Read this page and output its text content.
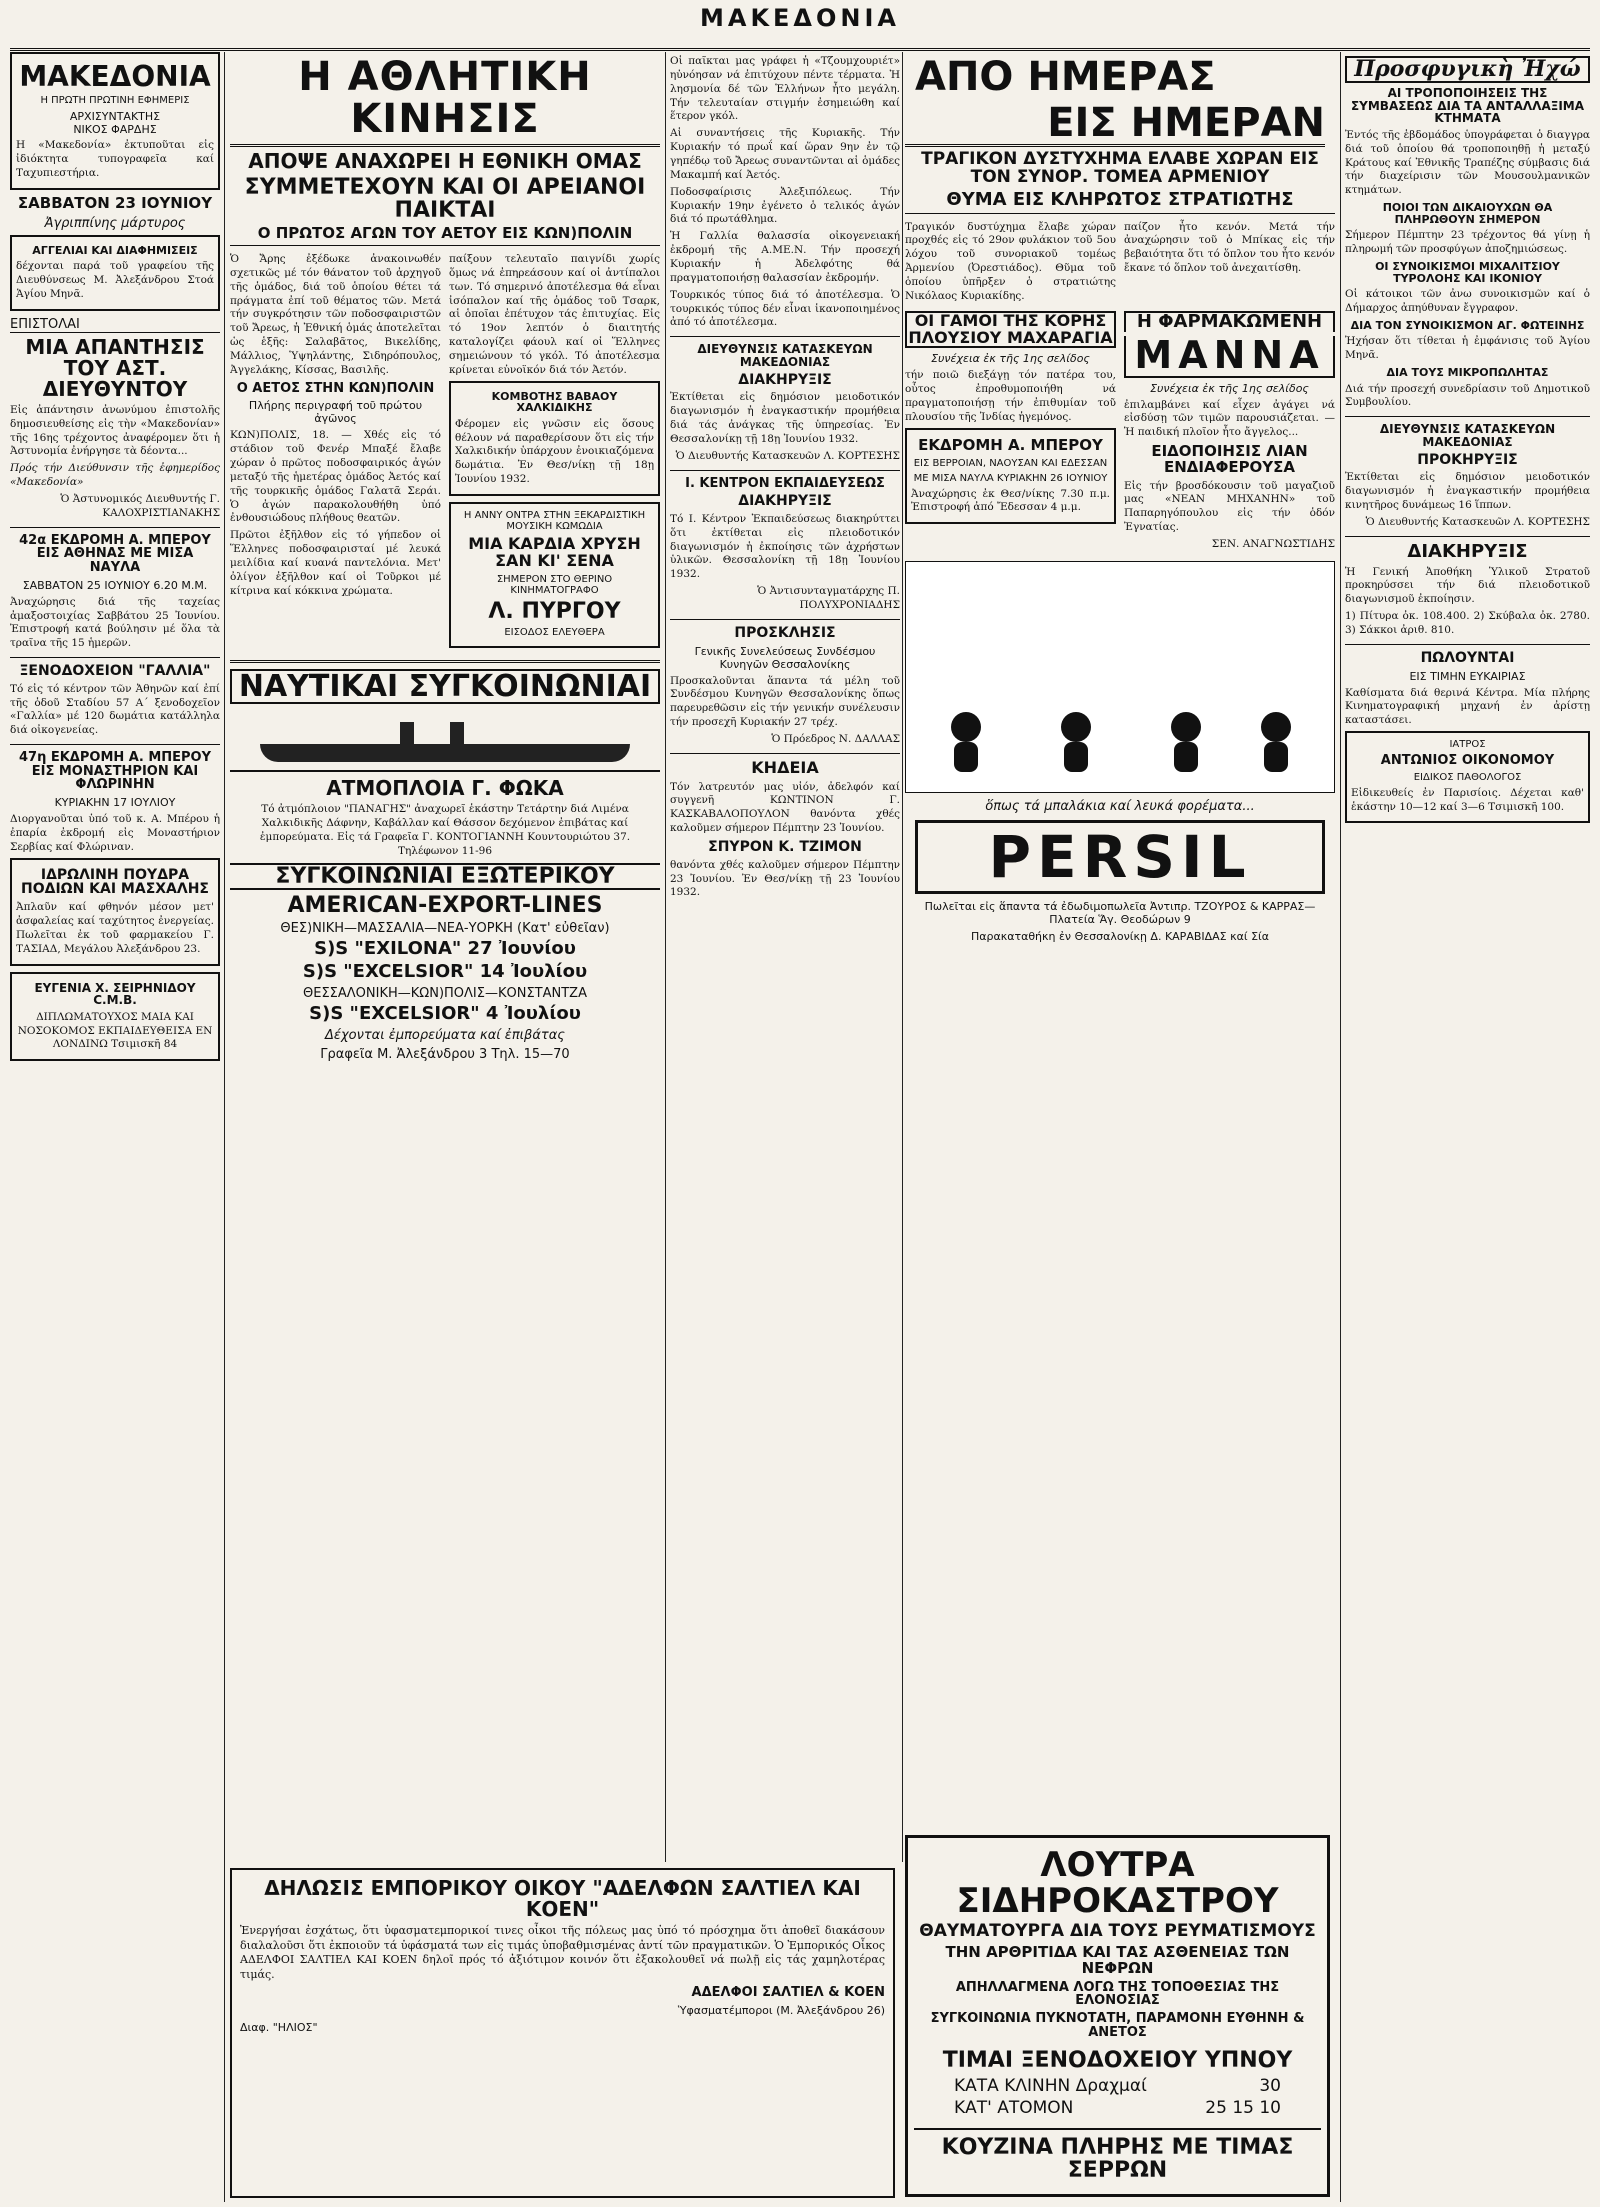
ΜΑΚΕΔΟΝΙΑ
ΜΑΚΕΔΟΝΙΑ
Η ΠΡΩΤΗ ΠΡΩΤΙΝΗ ΕΦΗΜΕΡΙΣ
ΑΡΧΙΣΥΝΤΑΚΤΗΣ
ΝΙΚΟΣ ΦΑΡΔΗΣ
Η «Μακεδονία» ἐκτυποῦται εἰς ἰδιόκτητα τυπογραφεῖα καί Ταχυπιεστήρια.
ΣΑΒΒΑΤΟΝ 23 ΙΟΥΝΙΟΥ
Ἀγριππίνης μάρτυρος
ΑΓΓΕΛΙΑΙ ΚΑΙ ΔΙΑΦΗΜΙΣΕΙΣ
δέχονται παρά τοῦ γραφείου τῆς Διευθύνσεως Μ. Ἀλεξάνδρου Στοά Ἁγίου Μηνᾶ.
ΕΠΙΣΤΟΛΑΙ
ΜΙΑ ΑΠΑΝΤΗΣΙΣ ΤΟΥ ΑΣΤ. ΔΙΕΥΘΥΝΤΟΥ
Εἰς ἀπάντησιν ἀνωνύμου ἐπιστολῆς δημοσιευθείσης εἰς τὴν «Μακεδονίαν» τῆς 16ης τρέχοντος ἀναφέρομεν ὅτι ἡ Ἀστυνομία ἐνήργησε τὰ δέοντα...
Πρός τήν Διεύθυνσιν τῆς ἐφημερίδος «Μακεδονία»
Ὁ Ἀστυνομικός Διευθυντής Γ. ΚΑΛΟΧΡΙΣΤΙΑΝΑΚΗΣ
42α ΕΚΔΡΟΜΗ Α. ΜΠΕΡΟΥ ΕΙΣ ΑΘΗΝΑΣ ΜΕ ΜΙΣΑ ΝΑΥΛΑ
ΣΑΒΒΑΤΟΝ 25 ΙΟΥΝΙΟΥ 6.20 Μ.Μ.
Ἀναχώρησις διά τῆς ταχείας ἀμαξοστοιχίας Σαββάτου 25 Ἰουνίου. Ἐπιστροφή κατά βούλησιν μέ ὅλα τὰ τραῖνα τῆς 15 ἡμερῶν.
ΞΕΝΟΔΟΧΕΙΟΝ "ΓΑΛΛΙΑ"
Τό εἰς τό κέντρον τῶν Ἀθηνῶν καί ἐπί τῆς ὁδοῦ Σταδίου 57 Α΄ ξενοδοχεῖον «Γαλλία» μέ 120 δωμάτια κατάλληλα διά οἰκογενείας.
47η ΕΚΔΡΟΜΗ Α. ΜΠΕΡΟΥ ΕΙΣ ΜΟΝΑΣΤΗΡΙΟΝ ΚΑΙ ΦΛΩΡΙΝΗΝ
ΚΥΡΙΑΚΗΝ 17 ΙΟΥΛΙΟΥ
Διοργανοῦται ὑπό τοῦ κ. Α. Μπέρου ἡ ἐπαρία ἐκδρομή εἰς Μοναστήριον Σερβίας καί Φλώριναν.
ΙΔΡΩΛΙΝΗ ΠΟΥΔΡΑ ΠΟΔΙΩΝ ΚΑΙ ΜΑΣΧΑΛΗΣ
Ἀπλαῦν καί φθηνόν μέσον μετ' ἀσφαλείας καί ταχύτητος ἐνεργείας. Πωλεῖται ἐκ τοῦ φαρμακείου Γ. ΤΑΣΙΑΔ, Μεγάλου Ἀλεξάνδρου 23.
ΕΥΓΕΝΙΑ Χ. ΣΕΙΡΗΝΙΔΟΥ C.M.B.
ΔΙΠΛΩΜΑΤΟΥΧΟΣ ΜΑΙΑ ΚΑΙ ΝΟΣΟΚΟΜΟΣ ΕΚΠΑΙΔΕΥΘΕΙΣΑ ΕΝ ΛΟΝΔΙΝΩ Τσιμισκῆ 84
Η ΑΘΛΗΤΙΚΗ ΚΙΝΗΣΙΣ
ΑΠΟΨΕ ΑΝΑΧΩΡΕΙ Η ΕΘΝΙΚΗ ΟΜΑΣ
ΣΥΜΜΕΤΕΧΟΥΝ ΚΑΙ ΟΙ ΑΡΕΙΑΝΟΙ ΠΑΙΚΤΑΙ
Ο ΠΡΩΤΟΣ ΑΓΩΝ ΤΟΥ ΑΕΤΟΥ ΕΙΣ ΚΩΝ)ΠΟΛΙΝ
Ὁ Ἄρης ἐξέδωκε ἀνακοινωθέν σχετικῶς μέ τόν θάνατον τοῦ ἀρχηγοῦ τῆς ὁμάδος, διά τοῦ ὁποίου θέτει τά πράγματα ἐπί τοῦ θέματος τῶν. Μετά τήν συγκρότησιν τῶν ποδοσφαιριστῶν τοῦ Ἄρεως, ἡ Ἐθνική ὁμάς ἀποτελεῖται ὡς ἑξῆς: Σαλαβᾶτος, Βικελίδης, Μάλλιος, Ὑψηλάντης, Σιδηρόπουλος, Ἀγγελάκης, Κίσσας, Βασιλῆς.
Ο ΑΕΤΟΣ ΣΤΗΝ ΚΩΝ)ΠΟΛΙΝ
Πλήρης περιγραφή τοῦ πρώτου ἀγῶνος
ΚΩΝ)ΠΟΛΙΣ, 18. — Χθές εἰς τό στάδιον τοῦ Φενέρ Μπαξέ ἔλαβε χώραν ὁ πρῶτος ποδοσφαιρικός ἀγών μεταξύ τῆς ἡμετέρας ὁμάδος Ἀετός καί τῆς τουρκικῆς ὁμάδος Γαλατᾶ Σεράι. Ὁ ἀγών παρακολουθήθη ὑπό ἐνθουσιώδους πλήθους θεατῶν.
Πρῶτοι ἐξῆλθον εἰς τό γήπεδον οἱ Ἕλληνες ποδοσφαιρισταί μέ λευκά μειλίδια καί κυανά παντελόνια. Μετ' ὀλίγον ἐξῆλθον καί οἱ Τοῦρκοι μέ κίτρινα καί κόκκινα χρώματα.
παίξουν τελευταῖο παιγνίδι χωρίς ὅμως νά ἐπηρεάσουν καί οἱ ἀντίπαλοι των. Τό σημερινό ἀποτέλεσμα θά εἶναι ἰσόπαλον καί τῆς ὁμάδος τοῦ Τσαρκ, αἱ ὁποῖαι ἐπέτυχον τάς ἐπιτυχίας. Εἰς τό 19ον λεπτόν ὁ διαιτητής καταλογίζει φάουλ καί οἱ Ἕλληνες σημειώνουν τό γκόλ. Τό ἀποτέλεσμα κρίνεται εὐνοϊκόν διά τόν Ἀετόν.
ΚΟΜΒΟΤΗΣ ΒΑΒΑΟΥ ΧΑΛΚΙΔΙΚΗΣ
Φέρομεν εἰς γνῶσιν εἰς ὅσους θέλουν νά παραθερίσουν ὅτι εἰς τήν Χαλκιδικήν ὑπάρχουν ἐνοικιαζόμενα δωμάτια. Ἐν Θεσ/νίκῃ τῇ 18ῃ Ἰουνίου 1932.
Η ΑΝΝΥ ΟΝΤΡΑ ΣΤΗΝ ΞΕΚΑΡΔΙΣΤΙΚΗ ΜΟΥΣΙΚΗ ΚΩΜΩΔΙΑ
ΜΙΑ ΚΑΡΔΙΑ ΧΡΥΣΗ ΣΑΝ ΚΙ' ΣΕΝΑ
ΣΗΜΕΡΟΝ ΣΤΟ ΘΕΡΙΝΟ ΚΙΝΗΜΑΤΟΓΡΑΦΟ
Λ. ΠΥΡΓΟΥ
ΕΙΣΟΔΟΣ ΕΛΕΥΘΕΡΑ
ΝΑΥΤΙΚΑΙ ΣΥΓΚΟΙΝΩΝΙΑΙ
ΑΤΜΟΠΛΟΙΑ Γ. ΦΩΚΑ
Τό ἀτμόπλοιον "ΠΑΝΑΓΗΣ" ἀναχωρεῖ ἑκάστην Τετάρτην διά Λιμένα Χαλκιδικῆς Δάφνην, Καβάλλαν καί Θάσσον δεχόμενον ἐπιβάτας καί ἐμπορεύματα. Εἰς τά Γραφεῖα Γ. ΚΟΝΤΟΓΙΑΝΝΗ Κουντουριώτου 37. Τηλέφωνον 11-96
ΣΥΓΚΟΙΝΩΝΙΑΙ ΕΞΩΤΕΡΙΚΟΥ
AMERICAN-EXPORT-LINES
ΘΕΣ)ΝΙΚΗ—ΜΑΣΣΑΛΙΑ—ΝΕΑ-ΥΟΡΚΗ (Κατ' εὐθεῖαν)
S)S "EXILONA" 27 Ἰουνίου
S)S "EXCELSIOR" 14 Ἰουλίου
ΘΕΣΣΑΛΟΝΙΚΗ—ΚΩΝ)ΠΟΛΙΣ—ΚΟΝΣΤΑΝΤΖΑ
S)S "EXCELSIOR" 4 Ἰουλίου
Δέχονται ἐμπορεύματα καί ἐπιβάτας
Γραφεῖα Μ. Ἀλεξάνδρου 3 Τηλ. 15—70
Οἱ παῖκται μας γράφει ἡ «Τζουμχουριέτ» ηὐνόησαν νά ἐπιτύχουν πέντε τέρματα. Ἡ λησμονία δέ τῶν Ἑλλήνων ἦτο μεγάλη. Τήν τελευταίαν στιγμήν ἐσημειώθη καί ἕτερον γκόλ.
Αἱ συναντήσεις τῆς Κυριακῆς. Τήν Κυριακήν τό πρωΐ καί ὥραν 9ην ἐν τῷ γηπέδῳ τοῦ Ἄρεως συναντῶνται αἱ ὁμάδες Μακαμπή καί Ἀετός.
Ποδοσφαίρισις Ἀλεξιπόλεως. Τήν Κυριακήν 19ην ἐγένετο ὁ τελικός ἀγών διά τό πρωτάθλημα.
Ἡ Γαλλία θαλασσία οἰκογενειακή ἐκδρομή τῆς Α.ΜΕ.Ν. Τήν προσεχή Κυριακήν ἡ Ἀδελφότης θά πραγματοποιήσῃ θαλασσίαν ἐκδρομήν.
Τουρκικός τύπος διά τό ἀποτέλεσμα. Ὁ τουρκικός τύπος δέν εἶναι ἱκανοποιημένος ἀπό τό ἀποτέλεσμα.
ΔΙΕΥΘΥΝΣΙΣ ΚΑΤΑΣΚΕΥΩΝ ΜΑΚΕΔΟΝΙΑΣ
ΔΙΑΚΗΡΥΞΙΣ
Ἐκτίθεται εἰς δημόσιον μειοδοτικόν διαγωνισμόν ἡ ἐναγκαστικήν προμήθεια διά τάς ἀνάγκας τῆς ὑπηρεσίας. Ἐν Θεσσαλονίκῃ τῇ 18ῃ Ἰουνίου 1932.
Ὁ Διευθυντής Κατασκευῶν Λ. ΚΟΡΤΕΣΗΣ
Ι. ΚΕΝΤΡΟΝ ΕΚΠΑΙΔΕΥΣΕΩΣ
ΔΙΑΚΗΡΥΞΙΣ
Τό Ι. Κέντρον Ἐκπαιδεύσεως διακηρύττει ὅτι ἐκτίθεται εἰς πλειοδοτικόν διαγωνισμόν ἡ ἐκποίησις τῶν ἀχρήστων ὑλικῶν. Θεσσαλονίκη τῇ 18ῃ Ἰουνίου 1932.
Ὁ Ἀντισυνταγματάρχης Π. ΠΟΛΥΧΡΟΝΙΑΔΗΣ
ΠΡΟΣΚΛΗΣΙΣ
Γενικῆς Συνελεύσεως Συνδέσμου Κυνηγῶν Θεσσαλονίκης
Προσκαλοῦνται ἅπαντα τά μέλη τοῦ Συνδέσμου Κυνηγῶν Θεσσαλονίκης ὅπως παρευρεθῶσιν εἰς τήν γενικήν συνέλευσιν τήν προσεχῆ Κυριακήν 27 τρέχ.
Ὁ Πρόεδρος Ν. ΔΑΛΛΑΣ
ΚΗΔΕΙΑ
Τόν λατρευτόν μας υἱόν, ἀδελφόν καί συγγενῆ ΚΩΝΤΙΝΟΝ Γ. ΚΑΣΚΑΒΑΛΟΠΟΥΛΟΝ θανόντα χθές καλοῦμεν σήμερον Πέμπτην 23 Ἰουνίου.
ΣΠΥΡΟΝ Κ. ΤΖΙΜΟΝ
θανόντα χθές καλοῦμεν σήμερον Πέμπτην 23 Ἰουνίου. Ἐν Θεσ/νίκῃ τῇ 23 Ἰουνίου 1932.
ΑΠΟ ΗΜΕΡΑΣ
ΕΙΣ ΗΜΕΡΑΝ
ΤΡΑΓΙΚΟΝ ΔΥΣΤΥΧΗΜΑ ΕΛΑΒΕ ΧΩΡΑΝ ΕΙΣ ΤΟΝ ΣΥΝΟΡ. ΤΟΜΕΑ ΑΡΜΕΝΙΟΥ
ΘΥΜΑ ΕΙΣ ΚΛΗΡΩΤΟΣ ΣΤΡΑΤΙΩΤΗΣ
Τραγικόν δυστύχημα ἔλαβε χώραν προχθές εἰς τό 29ον φυλάκιον τοῦ 5ου λόχου τοῦ συνοριακοῦ τομέως Ἀρμενίου (Ὀρεστιάδος). Θῦμα τοῦ ὁποίου ὑπῆρξεν ὁ στρατιώτης Νικόλαος Κυριακίδης.
παίζον ἦτο κενόν. Μετά τήν ἀναχώρησιν τοῦ ὁ Μπίκας εἰς τήν βεβαιότητα ὅτι τό ὅπλον του ἦτο κενόν ἔκανε τό ὅπλον τοῦ ἀνεχαιτίσθη.
ΟΙ ΓΑΜΟΙ ΤΗΣ ΚΟΡΗΣ ΠΛΟΥΣΙΟΥ ΜΑΧΑΡΑΓΙΑ
Συνέχεια ἐκ τῆς 1ης σελίδος
τήν ποιῶ διεξάγῃ τόν πατέρα του, οὗτος ἐπροθυμοποιήθη νά πραγματοποιήσῃ τήν ἐπιθυμίαν τοῦ πλουσίου τῆς Ἰνδίας ἡγεμόνος.
ΕΚΔΡΟΜΗ Α. ΜΠΕΡΟΥ
ΕΙΣ ΒΕΡΡΟΙΑΝ, ΝΑΟΥΣΑΝ ΚΑΙ ΕΔΕΣΣΑΝ
ΜΕ ΜΙΣΑ ΝΑΥΛΑ ΚΥΡΙΑΚΗΝ 26 ΙΟΥΝΙΟΥ
Ἀναχώρησις ἐκ Θεσ/νίκης 7.30 π.μ. Ἐπιστροφή ἀπό Ἔδεσσαν 4 μ.μ.
Η ΦΑΡΜΑΚΩΜΕΝΗ
ΜΑΝΝΑ
Συνέχεια ἐκ τῆς 1ης σελίδος
ἐπιλαμβάνει καί εἶχεν ἀγάγει νά εἰσδύσῃ τῶν τιμῶν παρουσιάζεται. — Ἡ παιδική πλοῖον ἦτο ἄγγελος...
ΕΙΔΟΠΟΙΗΣΙΣ ΛΙΑΝ ΕΝΔΙΑΦΕΡΟΥΣΑ
Εἰς τήν βροσδόκουσιν τοῦ μαγαζιοῦ μας «ΝΕΑΝ ΜΗΧΑΝΗΝ» τοῦ Παπαρηγόπουλου εἰς τήν ὁδόν Ἐγνατίας.
ΣΕΝ. ΑΝΑΓΝΩΣΤΙΔΗΣ
ὅπως τά μπαλάκια καί λευκά φορέματα...
PERSIL
Πωλεῖται εἰς ἅπαντα τά ἐδωδιμοπωλεῖα Ἀντιπρ. ΤΖΟΥΡΟΣ & ΚΑΡΡΑΣ—Πλατεία Ἅγ. Θεοδώρων 9
Παρακαταθήκη ἐν Θεσσαλονίκῃ Δ. ΚΑΡΑΒΙΔΑΣ καί Σία
Προσφυγικὴ Ἠχώ
ΑΙ ΤΡΟΠΟΠΟΙΗΣΕΙΣ ΤΗΣ ΣΥΜΒΑΣΕΩΣ ΔΙΑ ΤΑ ΑΝΤΑΛΛΑΞΙΜΑ ΚΤΗΜΑΤΑ
Ἐντός τῆς ἑβδομάδος ὑπογράφεται ὁ διαγγρα διά τοῦ ὁποίου θά τροποποιηθῇ ἡ μεταξύ Κράτους καί Ἐθνικῆς Τραπέζης σύμβασις διά τήν διαχείρισιν τῶν Μουσουλμανικῶν κτημάτων.
ΠΟΙΟΙ ΤΩΝ ΔΙΚΑΙΟΥΧΩΝ ΘΑ ΠΛΗΡΩΘΟΥΝ ΣΗΜΕΡΟΝ
Σήμερον Πέμπτην 23 τρέχοντος θά γίνῃ ἡ πληρωμή τῶν προσφύγων ἀποζημιώσεως.
ΟΙ ΣΥΝΟΙΚΙΣΜΟΙ ΜΙΧΑΛΙΤΣΙΟΥ ΤΥΡΟΛΟΗΣ ΚΑΙ ΙΚΟΝΙΟΥ
Οἱ κάτοικοι τῶν ἀνω συνοικισμῶν καί ὁ Δήμαρχος ἀπηύθυναν ἔγγραφον.
ΔΙΑ ΤΟΝ ΣΥΝΟΙΚΙΣΜΟΝ ΑΓ. ΦΩΤΕΙΝΗΣ
Ἠχήσαν ὅτι τίθεται ἡ ἐμφάνισις τοῦ Ἀγίου Μηνᾶ.
ΔΙΑ ΤΟΥΣ ΜΙΚΡΟΠΩΛΗΤΑΣ
Διά τήν προσεχή συνεδρίασιν τοῦ Δημοτικοῦ Συμβουλίου.
ΔΙΕΥΘΥΝΣΙΣ ΚΑΤΑΣΚΕΥΩΝ ΜΑΚΕΔΟΝΙΑΣ
ΠΡΟΚΗΡΥΞΙΣ
Ἐκτίθεται εἰς δημόσιον μειοδοτικόν διαγωνισμόν ἡ ἐναγκαστικήν προμήθεια κινητῆρος δυνάμεως 16 ἵππων.
Ὁ Διευθυντής Κατασκευῶν Λ. ΚΟΡΤΕΣΗΣ
ΔΙΑΚΗΡΥΞΙΣ
Ἡ Γενική Ἀποθήκη Ὑλικοῦ Στρατοῦ προκηρύσσει τήν διά πλειοδοτικοῦ διαγωνισμοῦ ἐκποίησιν.
1) Πίτυρα ὀκ. 108.400. 2) Σκύβαλα ὀκ. 2780. 3) Σάκκοι ἀριθ. 810.
ΠΩΛΟΥΝΤΑΙ
ΕΙΣ ΤΙΜΗΝ ΕΥΚΑΙΡΙΑΣ
Καθίσματα διά θερινά Κέντρα. Μία πλήρης Κινηματογραφική μηχανή ἐν ἀρίστῃ καταστάσει.
ΙΑΤΡΟΣ
ΑΝΤΩΝΙΟΣ ΟΙΚΟΝΟΜΟΥ
ΕΙΔΙΚΟΣ ΠΑΘΟΛΟΓΟΣ
Εἰδικευθείς ἐν Παρισίοις. Δέχεται καθ' ἑκάστην 10—12 καί 3—6 Τσιμισκῆ 100.
ΔΗΛΩΣΙΣ ΕΜΠΟΡΙΚΟΥ ΟΙΚΟΥ "ΑΔΕΛΦΩΝ ΣΑΛΤΙΕΛ ΚΑΙ ΚΟΕΝ"
Ἐνεργήσαι ἐσχάτως, ὅτι ὑφασματεμπορικοί τινες οἶκοι τῆς πόλεως μας ὑπό τό πρόσχημα ὅτι ἀποθεῖ διακάσουν διαλαλοῦσι ὅτι ἐκποιοῦν τά ὑφάσματά των εἰς τιμάς ὑποβαθμισμένας ἀντί τῶν πραγματικῶν. Ὁ Ἐμπορικός Οἶκος ΑΔΕΛΦΟΙ ΣΑΛΤΙΕΛ ΚΑΙ ΚΟΕΝ δηλοῖ πρός τό ἀξιότιμον κοινόν ὅτι ἐξακολουθεῖ νά πωλῇ εἰς τάς χαμηλοτέρας τιμάς.
ΑΔΕΛΦΟΙ ΣΑΛΤΙΕΛ & ΚΟΕΝ
Ὑφασματέμποροι (Μ. Ἀλεξάνδρου 26)
Διαφ. "ΗΛΙΟΣ"
ΛΟΥΤΡΑ ΣΙΔΗΡΟΚΑΣΤΡΟΥ
ΘΑΥΜΑΤΟΥΡΓΑ ΔΙΑ ΤΟΥΣ ΡΕΥΜΑΤΙΣΜΟΥΣ
ΤΗΝ ΑΡΘΡΙΤΙΔΑ ΚΑΙ ΤΑΣ ΑΣΘΕΝΕΙΑΣ ΤΩΝ ΝΕΦΡΩΝ
ΑΠΗΛΛΑΓΜΕΝΑ ΛΟΓΩ ΤΗΣ ΤΟΠΟΘΕΣΙΑΣ ΤΗΣ ΕΛΟΝΟΣΙΑΣ
ΣΥΓΚΟΙΝΩΝΙΑ ΠΥΚΝΟΤΑΤΗ, ΠΑΡΑΜΟΝΗ ΕΥΘΗΝΗ & ΑΝΕΤΟΣ
ΤΙΜΑΙ ΞΕΝΟΔΟΧΕΙΟΥ ΥΠΝΟΥ
ΚΑΤΑ ΚΛΙΝΗΝ Δραχμαί	30
ΚΑΤ' ΑΤΟΜΟΝ	25 15 10
ΚΟΥΖΙΝΑ ΠΛΗΡΗΣ ΜΕ ΤΙΜΑΣ ΣΕΡΡΩΝ
